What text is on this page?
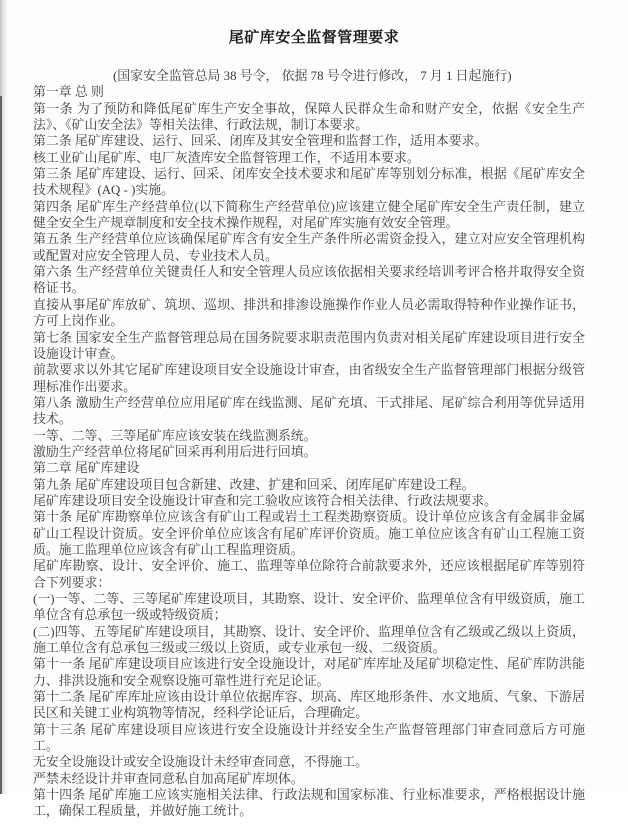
尾矿库安全监督管理要求

(国家安全监管总局 38 号令， 依据 78 号令进行修改， 7 月 1 日起施行)

第一章 总 则

第一条 为了预防和降低尾矿库生产安全事故，保障人民群众生命和财产安全，依据《安全生产法》、《矿山安全法》等相关法律、行政法规，制订本要求。

第二条 尾矿库建设、运行、回采、闭库及其安全管理和监督工作，适用本要求。

核工业矿山尾矿库、电厂灰渣库安全监督管理工作，不适用本要求。

第三条 尾矿库建设、运行、回采、闭库安全技术要求和尾矿库等别划分标准，根据《尾矿库安全技术规程》(AQ - )实施。

第四条 尾矿库生产经营单位(以下简称生产经营单位)应该建立健全尾矿库安全生产责任制，建立健全安全生产规章制度和安全技术操作规程，对尾矿库实施有效安全管理。

第五条 生产经营单位应该确保尾矿库含有安全生产条件所必需资金投入，建立对应安全管理机构或配置对应安全管理人员、专业技术人员。

第六条 生产经营单位关键责任人和安全管理人员应该依据相关要求经培训考评合格并取得安全资格证书。

直接从事尾矿库放矿、筑坝、巡坝、排洪和排渗设施操作作业人员必需取得特种作业操作证书，方可上岗作业。

第七条 国家安全生产监督管理总局在国务院要求职责范围内负责对相关尾矿库建设项目进行安全设施设计审查。

前款要求以外其它尾矿库建设项目安全设施设计审查，由省级安全生产监督管理部门根据分级管理标准作出要求。

第八条 激励生产经营单位应用尾矿库在线监测、尾矿充填、干式排尾、尾矿综合利用等优异适用技术。

一等、二等、三等尾矿库应该安装在线监测系统。

激励生产经营单位将尾矿回采再利用后进行回填。

第二章 尾矿库建设

第九条 尾矿库建设项目包含新建、改建、扩建和回采、闭库尾矿库建设工程。

尾矿库建设项目安全设施设计审查和完工验收应该符合相关法律、行政法规要求。

第十条 尾矿库勘察单位应该含有矿山工程或岩土工程类勘察资质。设计单位应该含有金属非金属矿山工程设计资质。安全评价单位应该含有尾矿库评价资质。施工单位应该含有矿山工程施工资质。施工监理单位应该含有矿山工程监理资质。

尾矿库勘察、设计、安全评价、施工、监理等单位除符合前款要求外，还应该根据尾矿库等别符合下列要求：

(一)一等、二等、三等尾矿库建设项目，其勘察、设计、安全评价、监理单位含有甲级资质，施工单位含有总承包一级或特级资质；

(二)四等、五等尾矿库建设项目，其勘察、设计、安全评价、监理单位含有乙级或乙级以上资质，施工单位含有总承包三级或三级以上资质，或专业承包一级、二级资质。

第十一条 尾矿库建设项目应该进行安全设施设计，对尾矿库库址及尾矿坝稳定性、尾矿库防洪能力、排洪设施和安全观察设施可靠性进行充足论证。

第十二条 尾矿库库址应该由设计单位依据库容、坝高、库区地形条件、水文地质、气象、下游居民区和关键工业构筑物等情况，经科学论证后，合理确定。

第十三条 尾矿库建设项目应该进行安全设施设计并经安全生产监督管理部门审查同意后方可施工。

无安全设施设计或安全设施设计未经审查同意，不得施工。

严禁未经设计并审查同意私自加高尾矿库坝体。

第十四条 尾矿库施工应该实施相关法律、行政法规和国家标准、行业标准要求，严格根据设计施工，确保工程质量，并做好施工统计。
